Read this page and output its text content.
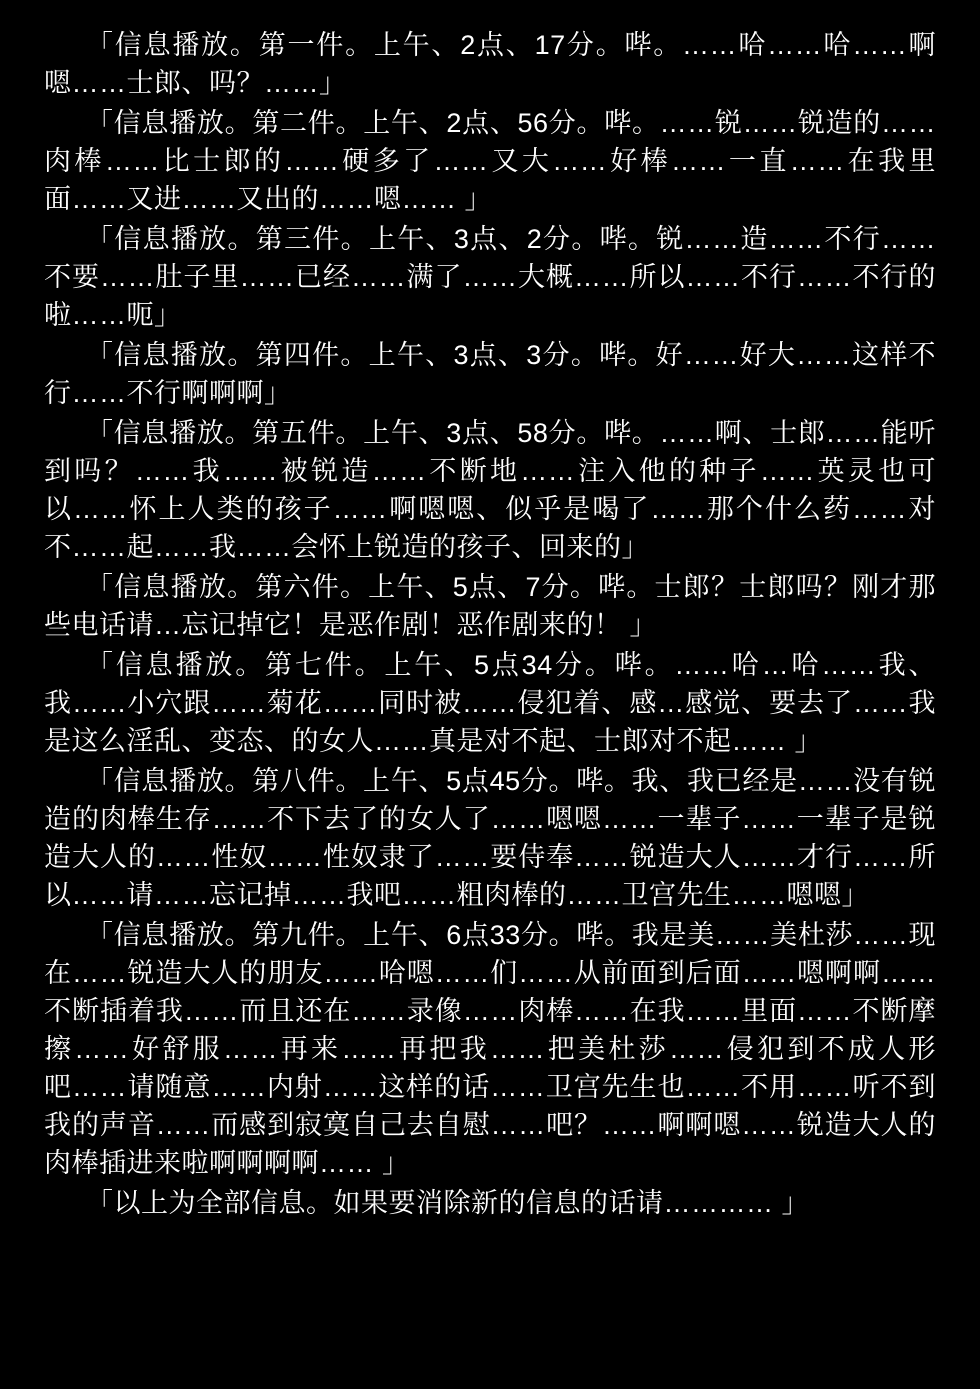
「信息播放。第一件。上午、2点、17分。哔。……哈……哈……啊嗯……士郎、吗？……」

「信息播放。第二件。上午、2点、56分。哔。……锐……锐造的……肉棒……比士郎的……硬多了……又大……好棒……一直……在我里面……又进……又出的……嗯…… 」

「信息播放。第三件。上午、3点、2分。哔。锐……造……不行……不要……肚子里……已经……满了……大概……所以……不行……不行的啦……呃」

「信息播放。第四件。上午、3点、3分。哔。好……好大……这样不行……不行啊啊啊」

「信息播放。第五件。上午、3点、58分。哔。……啊、士郎……能听到吗？……我……被锐造……不断地……注入他的种子……英灵也可以……怀上人类的孩子……啊嗯嗯、似乎是喝了……那个什么药……对不……起……我……会怀上锐造的孩子、回来的」

「信息播放。第六件。上午、5点、7分。哔。士郎？士郎吗？刚才那些电话请…忘记掉它！是恶作剧！恶作剧来的！ 」

「信息播放。第七件。上午、5点34分。哔。……哈…哈……我、我……小穴跟……菊花……同时被……侵犯着、感…感觉、要去了……我是这么淫乱、变态、的女人……真是对不起、士郎对不起…… 」

「信息播放。第八件。上午、5点45分。哔。我、我已经是……没有锐造的肉棒生存……不下去了的女人了……嗯嗯……一辈子……一辈子是锐造大人的……性奴……性奴隶了……要侍奉……锐造大人……才行……所以……请……忘记掉……我吧……粗肉棒的……卫宫先生……嗯嗯」

「信息播放。第九件。上午、6点33分。哔。我是美……美杜莎……现在……锐造大人的朋友……哈嗯……们……从前面到后面……嗯啊啊……不断插着我……而且还在……录像……肉棒……在我……里面……不断摩擦……好舒服……再来……再把我……把美杜莎……侵犯到不成人形吧……请随意……内射……这样的话……卫宫先生也……不用……听不到我的声音……而感到寂寞自己去自慰……吧？……啊啊嗯……锐造大人的肉棒插进来啦啊啊啊啊…… 」

「以上为全部信息。如果要消除新的信息的话请………… 」
